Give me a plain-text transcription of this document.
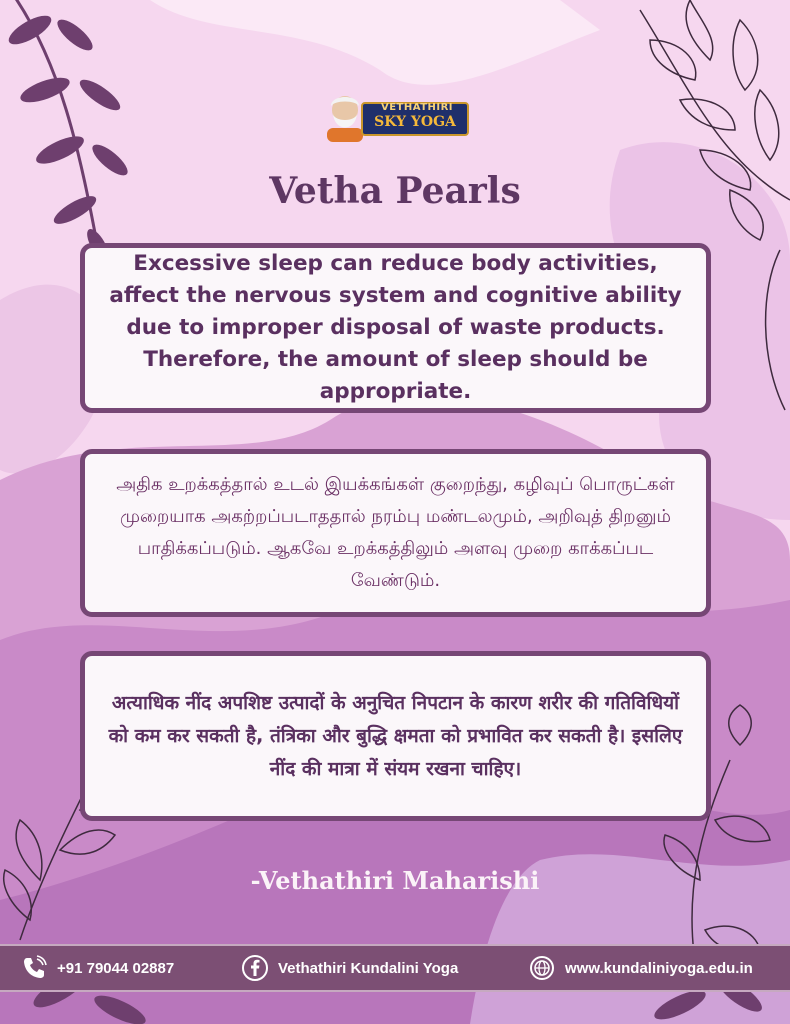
VETHATHIRI
SKY YOGA
Vetha Pearls

Excessive sleep can reduce body activities, affect the nervous system and cognitive ability due to improper disposal of waste products. Therefore, the amount of sleep should be appropriate.

அதிக உறக்கத்தால் உடல் இயக்கங்கள் குறைந்து, கழிவுப் பொருட்கள் முறையாக அகற்றப்படாததால் நரம்பு மண்டலமும், அறிவுத் திறனும் பாதிக்கப்படும். ஆகவே உறக்கத்திலும் அளவு முறை காக்கப்பட வேண்டும்.

अत्याधिक नींद अपशिष्ट उत्पादों के अनुचित निपटान के कारण शरीर की गतिविधियों को कम कर सकती है, तंत्रिका और बुद्धि क्षमता को प्रभावित कर सकती है। इसलिए नींद की मात्रा में संयम रखना चाहिए।

-Vethathiri Maharishi
+91 79044 02887	Vethathiri Kundalini Yoga	www.kundaliniyoga.edu.in
